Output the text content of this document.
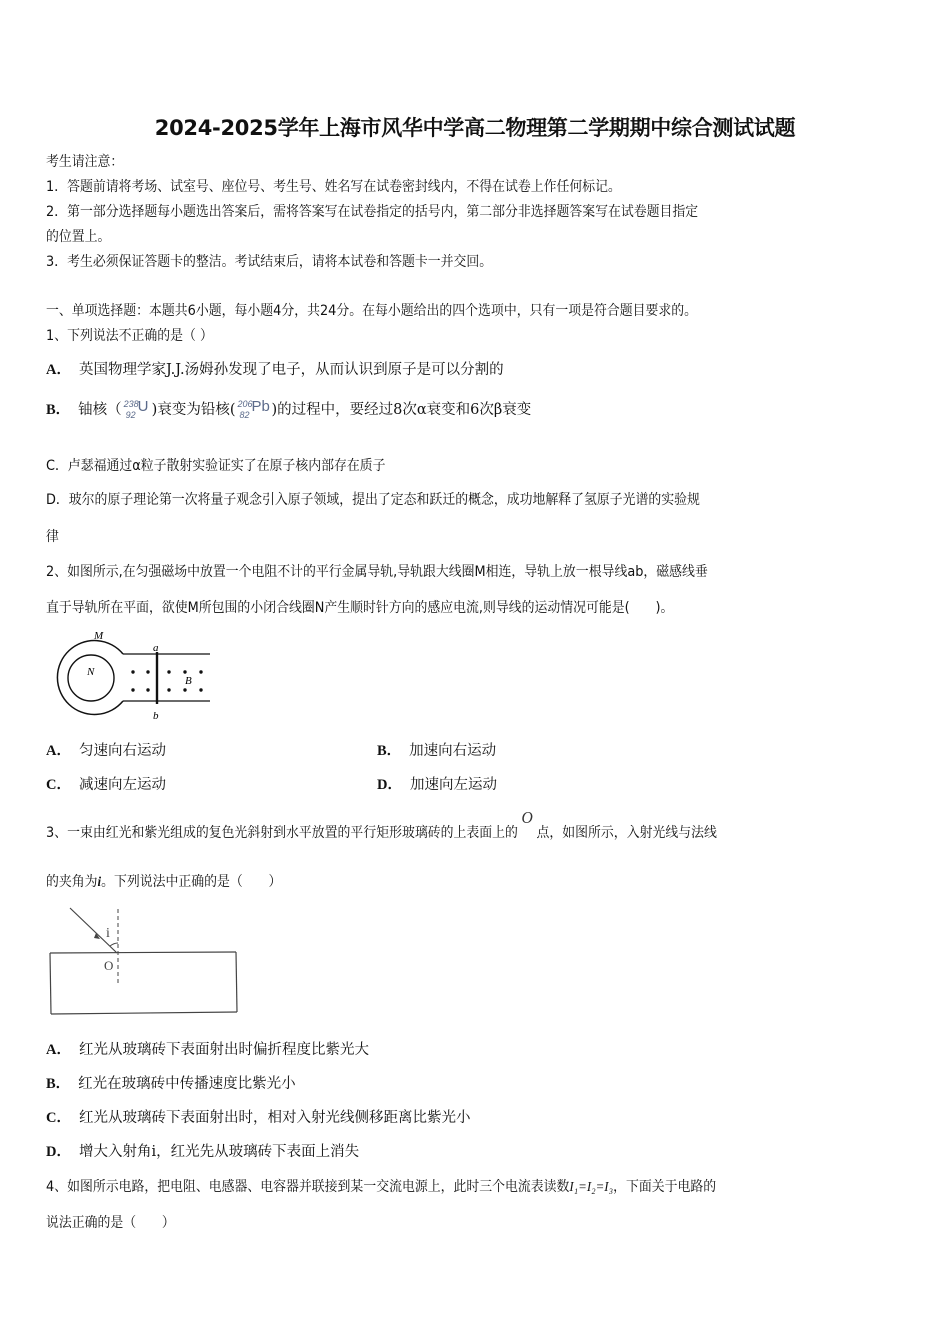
2024-2025学年上海市风华中学高二物理第二学期期中综合测试试题
考生请注意：
1．答题前请将考场、试室号、座位号、考生号、姓名写在试卷密封线内，不得在试卷上作任何标记。
2．第一部分选择题每小题选出答案后，需将答案写在试卷指定的括号内，第二部分非选择题答案写在试卷题目指定
的位置上。
3．考生必须保证答题卡的整洁。考试结束后，请将本试卷和答题卡一并交回。
一、单项选择题：本题共6小题，每小题4分，共24分。在每小题给出的四个选项中，只有一项是符合题目要求的。
1、下列说法不正确的是（ ）
A． 英国物理学家J.J.汤姆孙发现了电子，从而认识到原子是可以分割的
B． 铀核（ 238
92 U )衰变为铅核( 206
82 Pb )的过程中，要经过8次α衰变和6次β衰变
C．卢瑟福通过α粒子散射实验证实了在原子核内部存在质子
D．玻尔的原子理论第一次将量子观念引入原子领域，提出了定态和跃迁的概念，成功地解释了氢原子光谱的实验规
律
2、如图所示,在匀强磁场中放置一个电阻不计的平行金属导轨,导轨跟大线圈M相连，导轨上放一根导线ab，磁感线垂
直于导轨所在平面，欲使M所包围的小闭合线圈N产生顺时针方向的感应电流,则导线的运动情况可能是(　　)。
M
N
a
b
B
A． 匀速向右运动	B． 加速向右运动
C． 减速向左运动	D． 加速向左运动
3、一束由红光和紫光组成的复色光斜射到水平放置的平行矩形玻璃砖的上表面上的O点，如图所示，入射光线与法线
的夹角为i。下列说法中正确的是（　　）
i
O
A． 红光从玻璃砖下表面射出时偏折程度比紫光大
B． 红光在玻璃砖中传播速度比紫光小
C． 红光从玻璃砖下表面射出时，相对入射光线侧移距离比紫光小
D． 增大入射角ⅰ，红光先从玻璃砖下表面上消失
4、如图所示电路，把电阻、电感器、电容器并联接到某一交流电源上，此时三个电流表读数I₁=I₂=I₃，下面关于电路的
说法正确的是（　　）
